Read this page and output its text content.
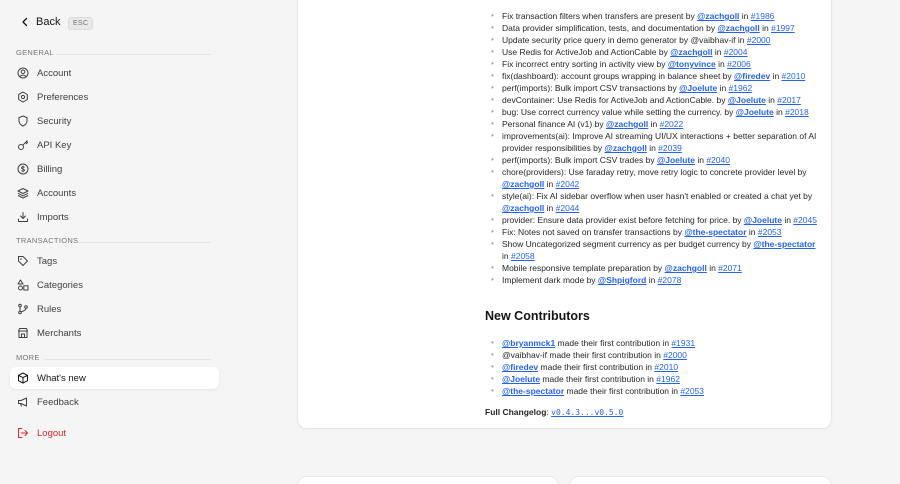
Back	ESC
GENERAL
Account
Preferences
Security
API Key
Billing
Accounts
Imports
TRANSACTIONS
Tags
Categories
Rules
Merchants
MORE
What's new
Feedback
Logout
• Fix transaction filters when transfers are present by @zachgoll in #1986
• Data provider simplification, tests, and documentation by @zachgoll in #1997
• Update security price query in demo generator by @vaibhav-if in #2000
• Use Redis for ActiveJob and ActionCable by @zachgoll in #2004
• Fix incorrect entry sorting in activity view by @tonyvince in #2006
• fix(dashboard): account groups wrapping in balance sheet by @firedev in #2010
• perf(imports): Bulk import CSV transactions by @Joelute in #1962
• devContainer: Use Redis for ActiveJob and ActionCable. by @Joelute in #2017
• bug: Use correct currency value while setting the currency. by @Joelute in #2018
• Personal finance AI (v1) by @zachgoll in #2022
• improvements(ai): Improve AI streaming UI/UX interactions + better separation of AI provider responsibilities by @zachgoll in #2039
• perf(imports): Bulk import CSV trades by @Joelute in #2040
• chore(providers): Use faraday retry, move retry logic to concrete provider level by @zachgoll in #2042
• style(ai): Fix AI sidebar overflow when user hasn't enabled or created a chat yet by @zachgoll in #2044
• provider: Ensure data provider exist before fetching for price. by @Joelute in #2045
• Fix: Notes not saved on transfer transactions by @the-spectator in #2053
• Show Uncategorized segment currency as per budget currency by @the-spectator in #2058
• Mobile responsive template preparation by @zachgoll in #2071
• Implement dark mode by @Shpigford in #2078
New Contributors
• @bryanmck1 made their first contribution in #1931
• @vaibhav-if made their first contribution in #2000
• @firedev made their first contribution in #2010
• @Joelute made their first contribution in #1962
• @the-spectator made their first contribution in #2053
Full Changelog: v0.4.3...v0.5.0
